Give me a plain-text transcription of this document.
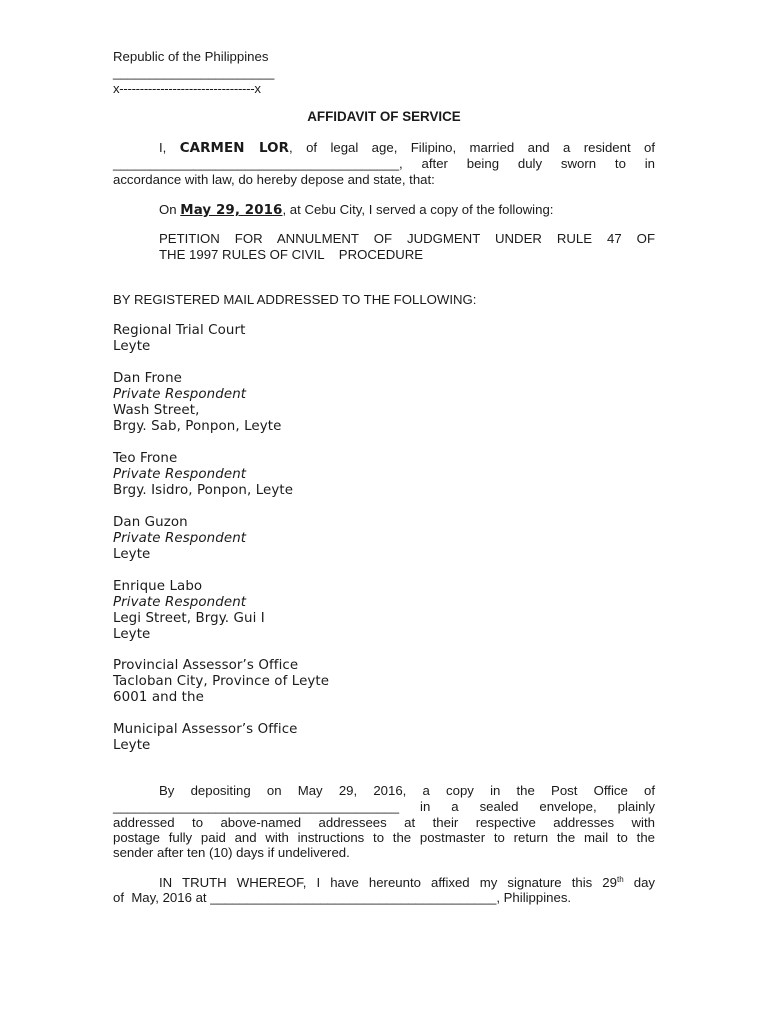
Republic of the Philippines
______________________
x---------------------------------x
AFFIDAVIT OF SERVICE
I, CARMEN LOR, of legal age, Filipino, married and a resident of
_______________________________________, after being duly sworn to in
accordance with law, do hereby depose and state, that:
On May 29, 2016, at Cebu City, I served a copy of the following:
PETITION FOR ANNULMENT OF JUDGMENT UNDER RULE 47 OF
THE 1997 RULES OF CIVIL    PROCEDURE
BY REGISTERED MAIL ADDRESSED TO THE FOLLOWING:
Regional Trial Court
Leyte
Dan Frone
Private Respondent
Wash Street,
Brgy. Sab, Ponpon, Leyte
Teo Frone
Private Respondent
Brgy. Isidro, Ponpon, Leyte
Dan Guzon
Private Respondent
Leyte
Enrique Labo
Private Respondent
Legi Street, Brgy. Gui I
Leyte
Provincial Assessor’s Office
Tacloban City, Province of Leyte
6001 and the
Municipal Assessor’s Office
Leyte
By depositing on May 29, 2016, a copy in the Post Office of
_______________________________________ in a sealed envelope, plainly
addressed to above-named addressees at their respective addresses with
postage fully paid and with instructions to the postmaster to return the mail to the
sender after ten (10) days if undelivered.
IN TRUTH WHEREOF, I have hereunto affixed my signature this 29th day
of  May, 2016 at _______________________________________, Philippines.
